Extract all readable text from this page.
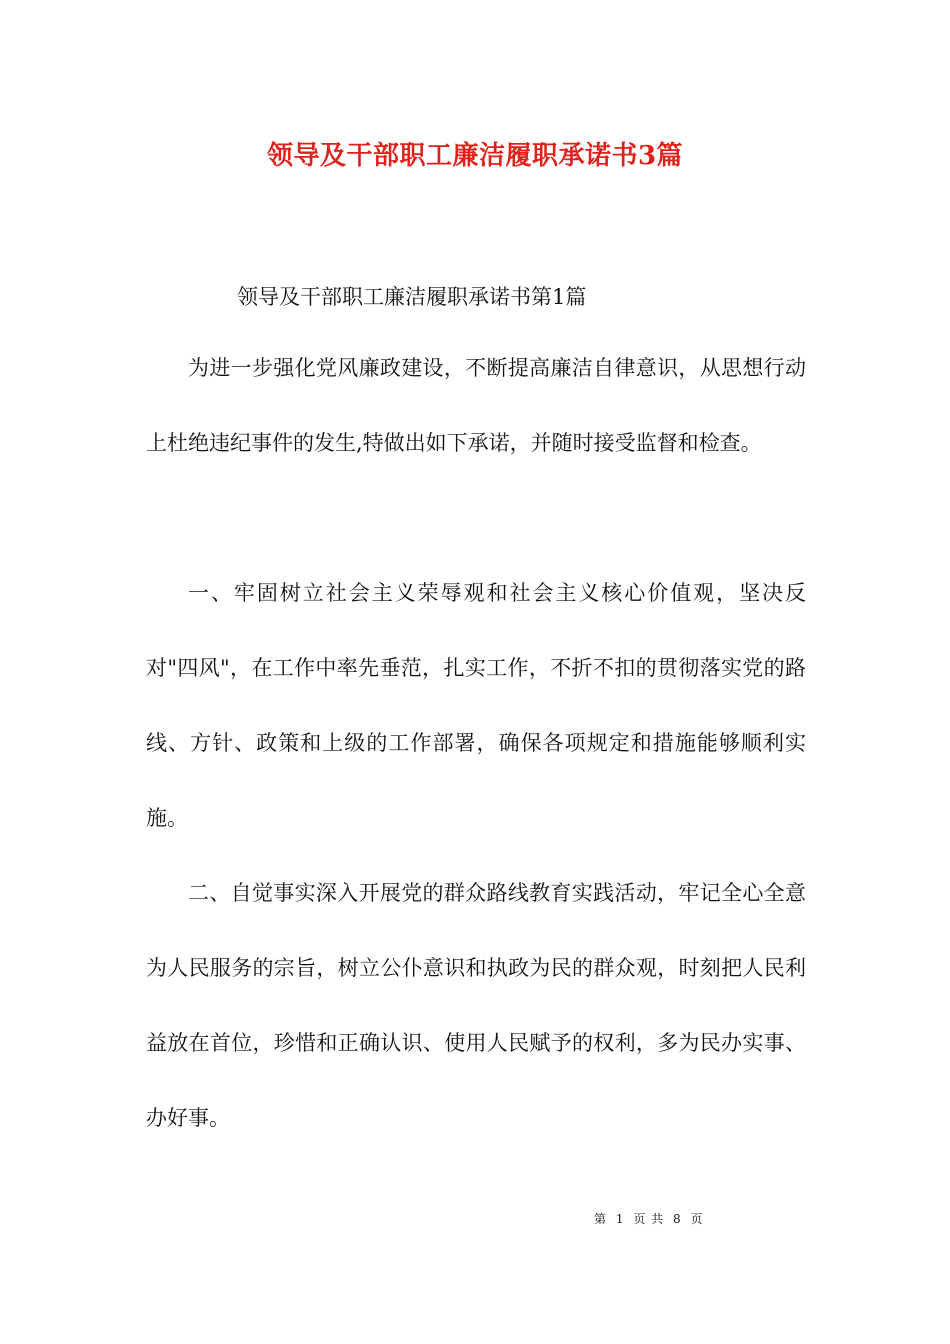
领导及干部职工廉洁履职承诺书3篇
领导及干部职工廉洁履职承诺书第1篇

为进一步强化党风廉政建设，不断提高廉洁自律意识，从思想行动上杜绝违纪事件的发生,特做出如下承诺，并随时接受监督和检查。

一、牢固树立社会主义荣辱观和社会主义核心价值观，坚决反对"四风"，在工作中率先垂范，扎实工作，不折不扣的贯彻落实党的路线、方针、政策和上级的工作部署，确保各项规定和措施能够顺利实施。

二、自觉事实深入开展党的群众路线教育实践活动，牢记全心全意为人民服务的宗旨，树立公仆意识和执政为民的群众观，时刻把人民利益放在首位，珍惜和正确认识、使用人民赋予的权利，多为民办实事、办好事。

第 1 页 共 8 页
